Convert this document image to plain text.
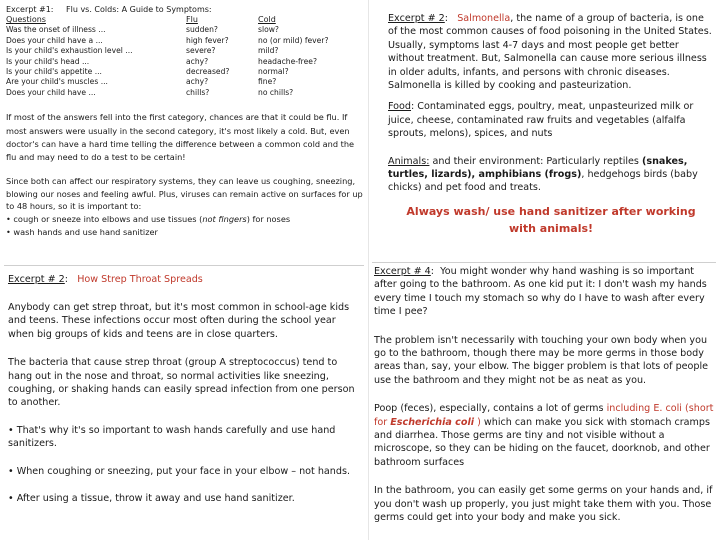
Excerpt #1:	Flu vs. Colds: A Guide to Symptoms:
Questions	Flu	Cold
Was the onset of illness ...	sudden?	slow?
Does your child have a ...	high fever?	no (or mild) fever?
Is your child's exhaustion level ...	severe?	mild?
Is your child's head ...	achy?	headache-free?
Is your child's appetite ...	decreased?	normal?
Are your child's muscles ...	achy?	fine?
Does your child have ...	chills?	no chills?

If most of the answers fell into the first category, chances are that it could be flu. If most answers were usually in the second category, it's most likely a cold. But, even doctor's can have a hard time telling the difference between a common cold and the flu and may need to do a test to be certain!

Since both can affect our respiratory systems, they can leave us coughing, sneezing, blowing our noses and feeling awful. Plus, viruses can remain active on surfaces for up to 48 hours, so it is important to:

• cough or sneeze into elbows and use tissues (not fingers) for noses
• wash hands and use hand sanitizer
Excerpt # 2: How Strep Throat Spreads

Anybody can get strep throat, but it's most common in school-age kids and teens. These infections occur most often during the school year when big groups of kids and teens are in close quarters.

The bacteria that cause strep throat (group A streptococcus) tend to hang out in the nose and throat, so normal activities like sneezing, coughing, or shaking hands can easily spread infection from one person to another.

• That's why it's so important to wash hands carefully and use hand sanitizers.

• When coughing or sneezing, put your face in your elbow – not hands.

• After using a tissue, throw it away and use hand sanitizer.

Excerpt # 2: Salmonella, the name of a group of bacteria, is one of the most common causes of food poisoning in the United States. Usually, symptoms last 4-7 days and most people get better without treatment. But, Salmonella can cause more serious illness in older adults, infants, and persons with chronic diseases. Salmonella is killed by cooking and pasteurization.

Food: Contaminated eggs, poultry, meat, unpasteurized milk or juice, cheese, contaminated raw fruits and vegetables (alfalfa sprouts, melons), spices, and nuts

Animals: and their environment: Particularly reptiles (snakes, turtles, lizards), amphibians (frogs), hedgehogs birds (baby chicks) and pet food and treats.

Always wash/ use hand sanitizer after working with animals!

Excerpt # 4: You might wonder why hand washing is so important after going to the bathroom. As one kid put it: I don't wash my hands every time I touch my stomach so why do I have to wash after every time I pee?

The problem isn't necessarily with touching your own body when you go to the bathroom, though there may be more germs in those body areas than, say, your elbow. The bigger problem is that lots of people use the bathroom and they might not be as neat as you.

Poop (feces), especially, contains a lot of germs including E. coli (short for Escherichia coli ) which can make you sick with stomach cramps and diarrhea. Those germs are tiny and not visible without a microscope, so they can be hiding on the faucet, doorknob, and other bathroom surfaces

In the bathroom, you can easily get some germs on your hands and, if you don't wash up properly, you just might take them with you. Those germs could get into your body and make you sick.
